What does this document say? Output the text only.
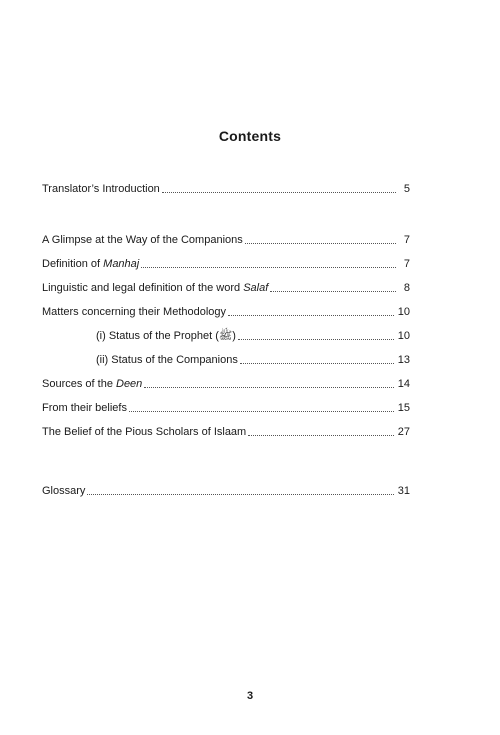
Contents
Translator’s Introduction	5
A Glimpse at the Way of the Companions	7
Definition of Manhaj	7
Linguistic and legal definition of the word Salaf	8
Matters concerning their Methodology	10
(i) Status of the Prophet (ﷺ)	10
(ii) Status of the Companions	13
Sources of the Deen	14
From their beliefs	15
The Belief of the Pious Scholars of Islaam	27
Glossary	31
3
